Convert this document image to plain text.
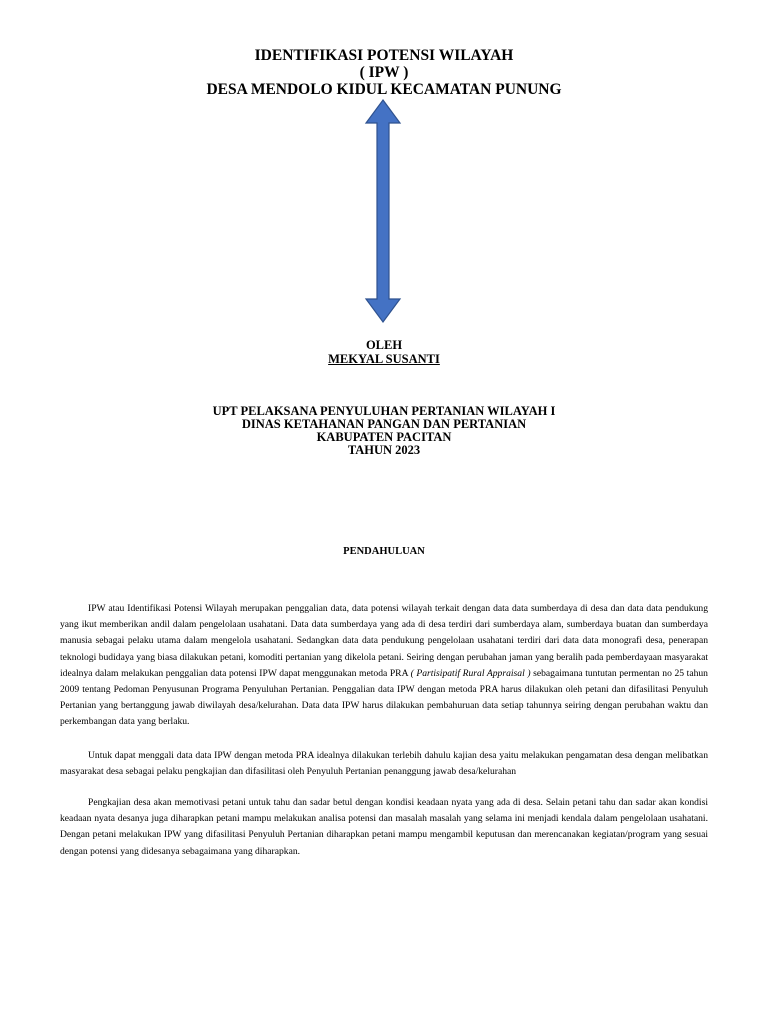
IDENTIFIKASI POTENSI WILAYAH
( IPW )
DESA MENDOLO KIDUL KECAMATAN PUNUNG
OLEH
MEKYAL SUSANTI
UPT PELAKSANA PENYULUHAN PERTANIAN WILAYAH I
DINAS KETAHANAN PANGAN DAN PERTANIAN
KABUPATEN PACITAN
TAHUN 2023
PENDAHULUAN

IPW atau Identifikasi Potensi Wilayah merupakan penggalian data, data potensi wilayah terkait dengan data data sumberdaya di desa dan data data pendukung yang ikut memberikan andil dalam pengelolaan usahatani. Data data sumberdaya yang ada di desa terdiri dari sumberdaya alam, sumberdaya buatan dan sumberdaya manusia sebagai pelaku utama dalam mengelola usahatani. Sedangkan data data pendukung pengelolaan usahatani terdiri dari data data monografi desa, penerapan teknologi budidaya yang biasa dilakukan petani, komoditi pertanian yang dikelola petani. Seiring dengan perubahan jaman yang beralih pada pemberdayaan masyarakat idealnya dalam melakukan penggalian data potensi IPW dapat menggunakan metoda PRA ( Partisipatif Rural Appraisal ) sebagaimana tuntutan permentan no 25 tahun 2009 tentang Pedoman Penyusunan Programa Penyuluhan Pertanian. Penggalian data IPW dengan metoda PRA harus dilakukan oleh petani dan difasilitasi Penyuluh Pertanian yang bertanggung jawab diwilayah desa/kelurahan. Data data IPW harus dilakukan pembahuruan data setiap tahunnya seiring dengan perubahan waktu dan perkembangan data yang berlaku.

Untuk dapat menggali data data IPW dengan metoda PRA idealnya dilakukan terlebih dahulu kajian desa yaitu melakukan pengamatan desa dengan melibatkan masyarakat desa sebagai pelaku pengkajian dan difasilitasi oleh Penyuluh Pertanian penanggung jawab desa/kelurahan

Pengkajian desa akan memotivasi petani untuk tahu dan sadar betul dengan kondisi keadaan nyata yang ada di desa. Selain petani tahu dan sadar akan kondisi keadaan nyata desanya juga diharapkan petani mampu melakukan analisa potensi dan masalah masalah yang selama ini menjadi kendala dalam pengelolaan usahatani. Dengan petani melakukan IPW yang difasilitasi Penyuluh Pertanian diharapkan petani mampu mengambil keputusan dan merencanakan kegiatan/program yang sesuai dengan potensi yang didesanya sebagaimana yang diharapkan.
